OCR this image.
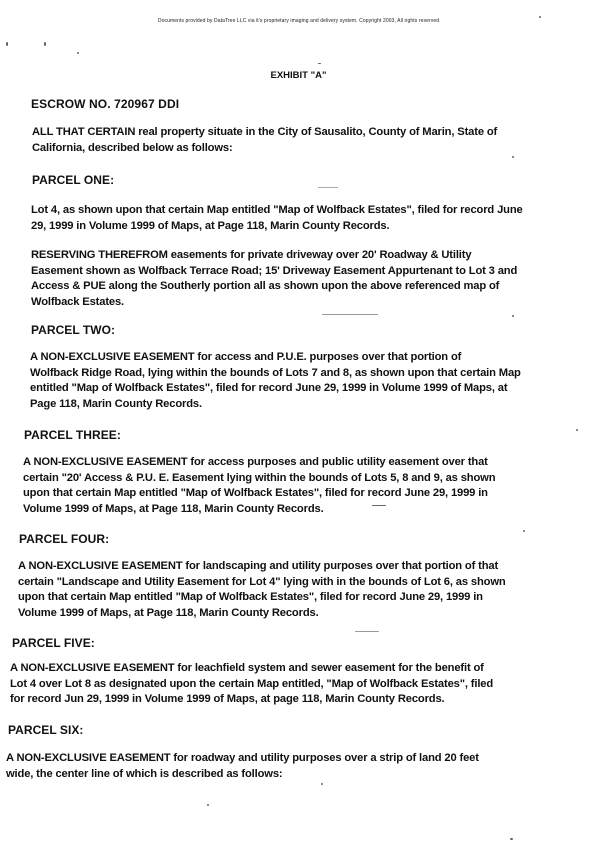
Documents provided by DataTree LLC via it's proprietary imaging and delivery system. Copyright 2003, All rights reserved
EXHIBIT "A"
ESCROW NO. 720967 DDI
ALL THAT CERTAIN real property situate in the City of Sausalito, County of Marin, State of
California, described below as follows:
PARCEL ONE:
Lot 4, as shown upon that certain Map entitled "Map of Wolfback Estates", filed for record June
29, 1999 in Volume 1999 of Maps, at Page 118, Marin County Records.
RESERVING THEREFROM easements for private driveway over 20' Roadway & Utility
Easement shown as Wolfback Terrace Road; 15' Driveway Easement Appurtenant to Lot 3 and
Access & PUE along the Southerly portion all as shown upon the above referenced map of
Wolfback Estates.
PARCEL TWO:
A NON-EXCLUSIVE EASEMENT for access and P.U.E. purposes over that portion of
Wolfback Ridge Road, lying within the bounds of Lots 7 and 8, as shown upon that certain Map
entitled "Map of Wolfback Estates", filed for record June 29, 1999 in Volume 1999 of Maps, at
Page 118, Marin County Records.
PARCEL THREE:
A NON-EXCLUSIVE EASEMENT for access purposes and public utility easement over that
certain "20' Access & P.U. E. Easement lying within the bounds of Lots 5, 8 and 9, as shown
upon that certain Map entitled "Map of Wolfback Estates", filed for record June 29, 1999 in
Volume 1999 of Maps, at Page 118, Marin County Records.
PARCEL FOUR:
A NON-EXCLUSIVE EASEMENT for landscaping and utility purposes over that portion of that
certain "Landscape and Utility Easement for Lot 4" lying with in the bounds of Lot 6, as shown
upon that certain Map entitled "Map of Wolfback Estates", filed for record June 29, 1999 in
Volume 1999 of Maps, at Page 118, Marin County Records.
PARCEL FIVE:
A NON-EXCLUSIVE EASEMENT for leachfield system and sewer easement for the benefit of
Lot 4 over Lot 8 as designated upon the certain Map entitled, "Map of Wolfback Estates", filed
for record Jun 29, 1999 in Volume 1999 of Maps, at page 118, Marin County Records.
PARCEL SIX:
A NON-EXCLUSIVE EASEMENT for roadway and utility purposes over a strip of land 20 feet
wide, the center line of which is described as follows:
